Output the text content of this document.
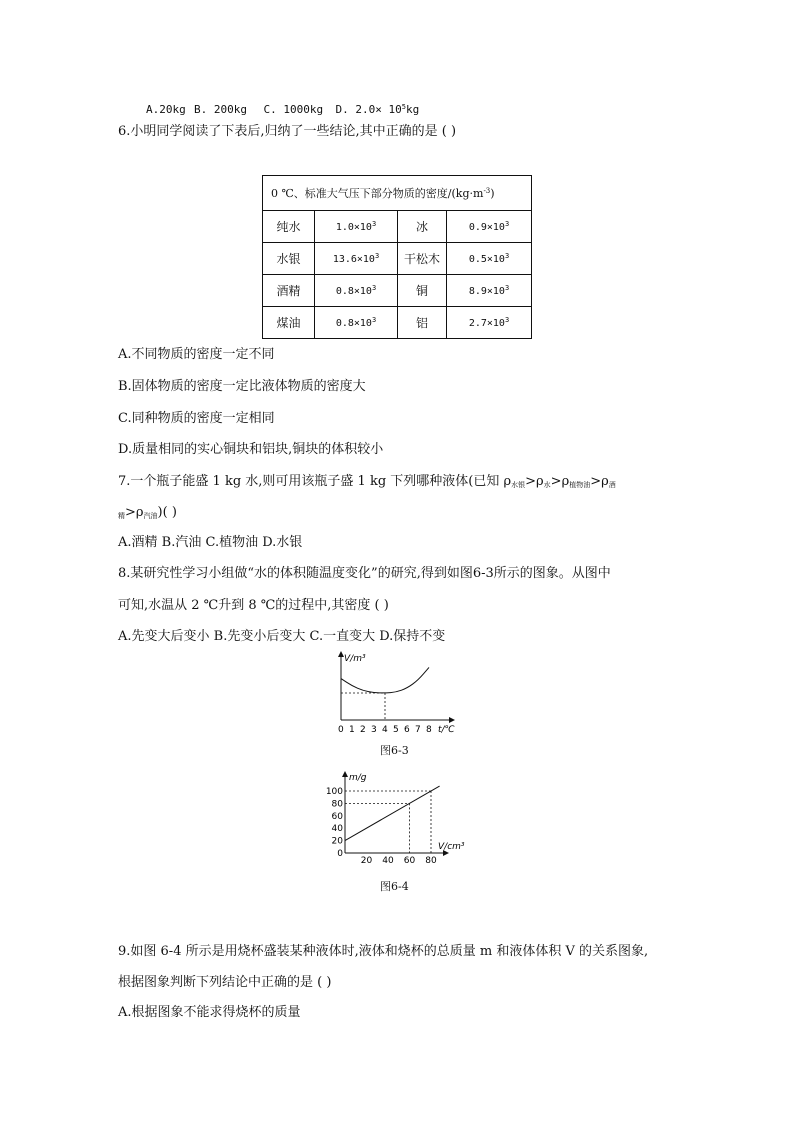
A.20kg B. 200kg C. 1000kg D. $2.0\times 10^5kg$
6.小明同学阅读了下表后,归纳了一些结论,其中正确的是 ( )
0 ℃、标准大气压下部分物质的密度$/(kg\cdot m^{-3})$			
纯水	$1.0\times 10^3$	冰	$0.9\times 10^3$
水银	$13.6\times 10^3$	干松木	$0.5\times 10^3$
酒精	$0.8\times 10^3$	铜	$8.9\times 10^3$
煤油	$0.8\times 10^3$	铝	$2.7\times 10^3$
A.不同物质的密度一定不同
B.固体物质的密度一定比液体物质的密度大
C.同种物质的密度一定相同
D.质量相同的实心铜块和铝块,铜块的体积较小
7.一个瓶子能盛 1 kg 水,则可用该瓶子盛 1 kg 下列哪种液体(已知 $\rho_{水银}>\rho_水>\rho_{植物油}>\rho_酒$
$_精>\rho_{汽油}$)( )
A.酒精 B.汽油 C.植物油 D.水银
8.某研究性学习小组做“水的体积随温度变化”的研究,得到如图6-3所示的图象。从图中
可知,水温从 2 ℃升到 8 ℃的过程中,其密度 ( )
A.先变大后变小 B.先变小后变大 C.一直变大 D.保持不变
V/m³
0 1 2 3 4 5 6 7 8 t/℃
图6-3
m/g
V/cm³
100
80
60
40
20
0
20 40 60 80
图6-4
9.如图 6-4 所示是用烧杯盛装某种液体时,液体和烧杯的总质量 m 和液体体积 V 的关系图象,
根据图象判断下列结论中正确的是 ( )
A.根据图象不能求得烧杯的质量
